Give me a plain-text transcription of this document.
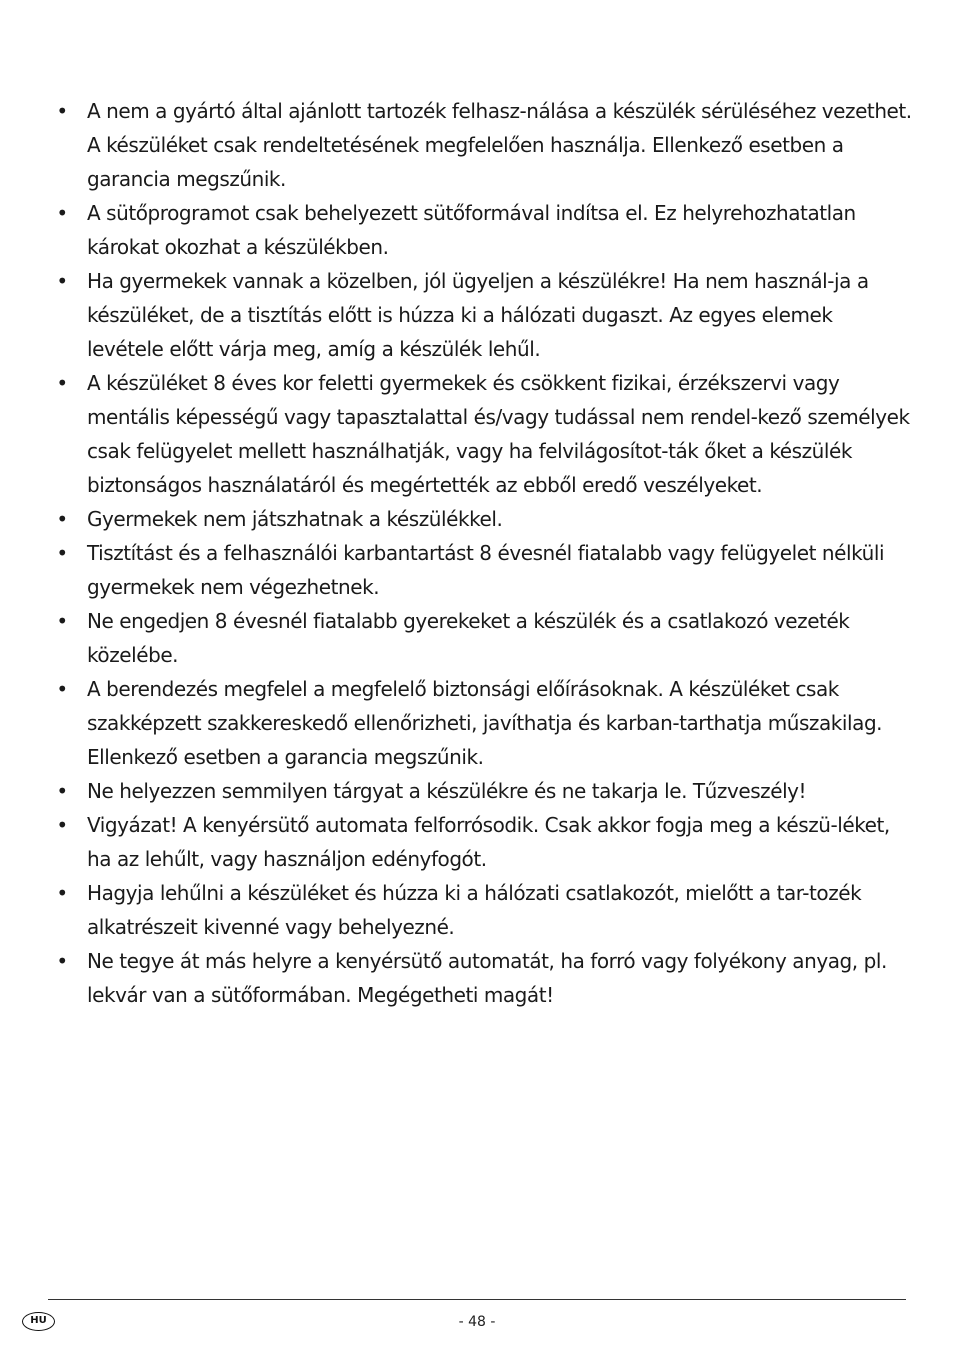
• A nem a gyártó által ajánlott tartozék felhasz-nálása a készülék sérüléséhez vezethet. A készüléket csak rendeltetésének megfelelően használja. Ellenkező esetben a garancia megszűnik.
• A sütőprogramot csak behelyezett sütőformával indítsa el. Ez helyrehozhatatlan károkat okozhat a készülékben.
• Ha gyermekek vannak a közelben, jól ügyeljen a készülékre! Ha nem használ-ja a készüléket, de a tisztítás előtt is húzza ki a hálózati dugaszt. Az egyes elemek levétele előtt várja meg, amíg a készülék lehűl.
• A készüléket 8 éves kor feletti gyermekek és csökkent fizikai, érzékszervi vagy mentális képességű vagy tapasztalattal és/vagy tudással nem rendel-kező személyek csak felügyelet mellett használhatják, vagy ha felvilágosítot-ták őket a készülék biztonságos használatáról és megértették az ebből eredő veszélyeket.
• Gyermekek nem játszhatnak a készülékkel.
• Tisztítást és a felhasználói karbantartást 8 évesnél fiatalabb vagy felügyelet nélküli gyermekek nem végezhetnek.
• Ne engedjen 8 évesnél fiatalabb gyerekeket a készülék és a csatlakozó vezeték közelébe.
• A berendezés megfelel a megfelelő biztonsági előírásoknak. A készüléket csak szakképzett szakkereskedő ellenőrizheti, javíthatja és karban-tarthatja műszakilag. Ellenkező esetben a garancia megszűnik.
• Ne helyezzen semmilyen tárgyat a készülékre és ne takarja le. Tűzveszély!
• Vigyázat! A kenyérsütő automata felforrósodik. Csak akkor fogja meg a készü-léket, ha az lehűlt, vagy használjon edényfogót.
• Hagyja lehűlni a készüléket és húzza ki a hálózati csatlakozót, mielőtt a tar-tozék alkatrészeit kivenné vagy behelyezné.
• Ne tegye át más helyre a kenyérsütő automatát, ha forró vagy folyékony anyag, pl. lekvár van a sütőformában. Megégetheti magát!
HU	- 48 -
